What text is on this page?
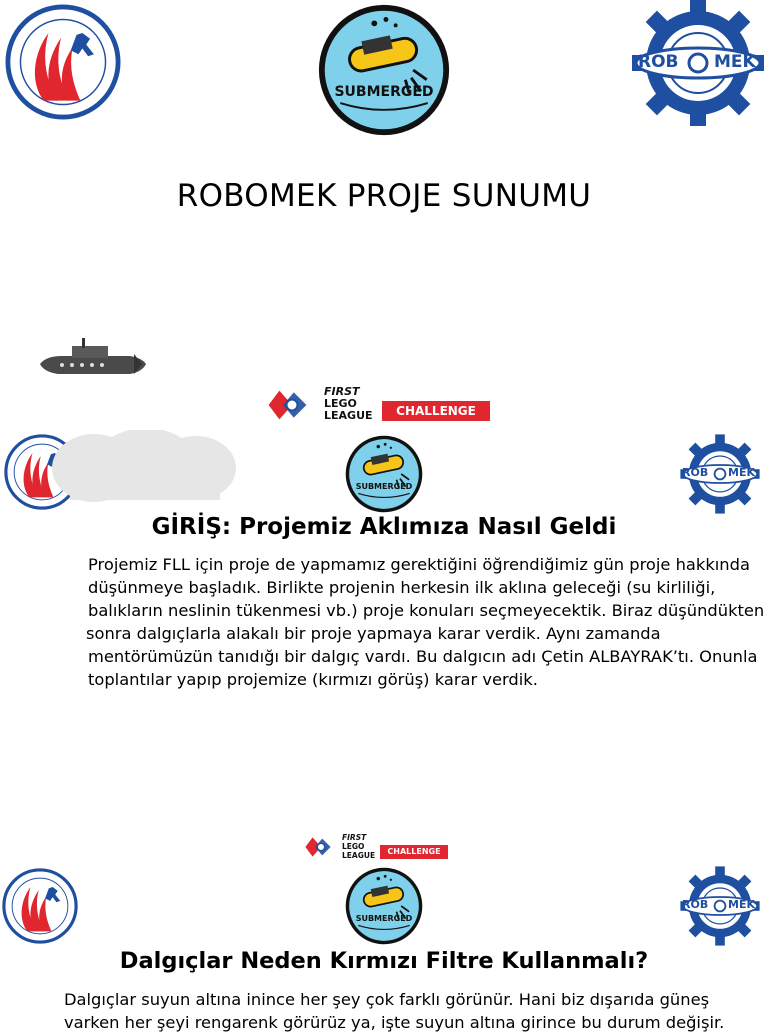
SUBMERGED
ROB MEK
ROBOMEK PROJE SUNUMU
FIRST
LEGO
LEAGUE	CHALLENGE
SUBMERGED
ROB MEK
GİRİŞ: Projemiz Aklımıza Nasıl Geldi
Projemiz FLL için proje de yapmamız gerektiğini öğrendiğimiz gün proje hakkında
düşünmeye başladık. Birlikte projenin herkesin ilk aklına geleceği (su kirliliği,
balıkların neslinin tükenmesi vb.) proje konuları seçmeyecektik. Biraz düşündükten
sonra dalgıçlarla alakalı bir proje yapmaya karar verdik. Aynı zamanda
mentörümüzün tanıdığı bir dalgıç vardı. Bu dalgıcın adı Çetin ALBAYRAK’tı. Onunla
toplantılar yapıp projemize (kırmızı görüş) karar verdik.
FIRST
LEGO
LEAGUE	CHALLENGE
SUBMERGED
ROB MEK
Dalgıçlar Neden Kırmızı Filtre Kullanmalı?
Dalgıçlar suyun altına inince her şey çok farklı görünür. Hani biz dışarıda güneş
varken her şeyi rengarenk görürüz ya, işte suyun altına girince bu durum değişir.
